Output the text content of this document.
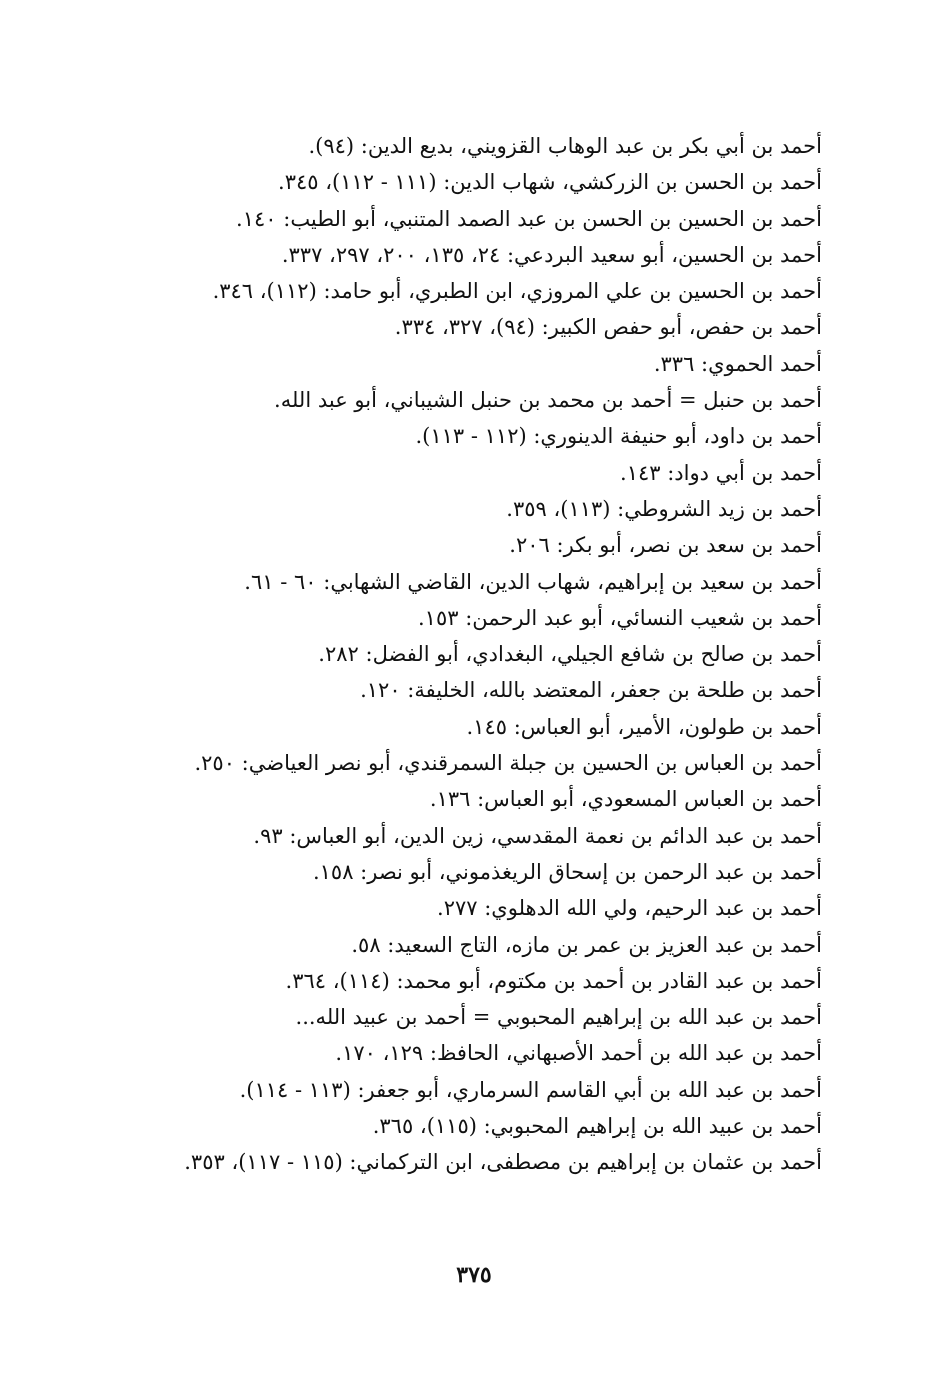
أحمد بن أبي بكر بن عبد الوهاب القزويني، بديع الدين: (٩٤).
أحمد بن الحسن بن الزركشي، شهاب الدين: (١١١ - ١١٢)، ٣٤٥.
أحمد بن الحسين بن الحسن بن عبد الصمد المتنبي، أبو الطيب: ١٤٠.
أحمد بن الحسين، أبو سعيد البردعي: ٢٤، ١٣٥، ٢٠٠، ٢٩٧، ٣٣٧.
أحمد بن الحسين بن علي المروزي، ابن الطبري، أبو حامد: (١١٢)، ٣٤٦.
أحمد بن حفص، أبو حفص الكبير: (٩٤)، ٣٢٧، ٣٣٤.
أحمد الحموي: ٣٣٦.
أحمد بن حنبل = أحمد بن محمد بن حنبل الشيباني، أبو عبد الله.
أحمد بن داود، أبو حنيفة الدينوري: (١١٢ - ١١٣).
أحمد بن أبي دواد: ١٤٣.
أحمد بن زيد الشروطي: (١١٣)، ٣٥٩.
أحمد بن سعد بن نصر، أبو بكر: ٢٠٦.
أحمد بن سعيد بن إبراهيم، شهاب الدين، القاضي الشهابي: ٦٠ - ٦١.
أحمد بن شعيب النسائي، أبو عبد الرحمن: ١٥٣.
أحمد بن صالح بن شافع الجيلي، البغدادي، أبو الفضل: ٢٨٢.
أحمد بن طلحة بن جعفر، المعتضد بالله، الخليفة: ١٢٠.
أحمد بن طولون، الأمير، أبو العباس: ١٤٥.
أحمد بن العباس بن الحسين بن جبلة السمرقندي، أبو نصر العياضي: ٢٥٠.
أحمد بن العباس المسعودي، أبو العباس: ١٣٦.
أحمد بن عبد الدائم بن نعمة المقدسي، زين الدين، أبو العباس: ٩٣.
أحمد بن عبد الرحمن بن إسحاق الريغذموني، أبو نصر: ١٥٨.
أحمد بن عبد الرحيم، ولي الله الدهلوي: ٢٧٧.
أحمد بن عبد العزيز بن عمر بن مازه، التاج السعيد: ٥٨.
أحمد بن عبد القادر بن أحمد بن مكتوم، أبو محمد: (١١٤)، ٣٦٤.
أحمد بن عبد الله بن إبراهيم المحبوبي = أحمد بن عبيد الله...
أحمد بن عبد الله بن أحمد الأصبهاني، الحافظ: ١٢٩، ١٧٠.
أحمد بن عبد الله بن أبي القاسم السرماري، أبو جعفر: (١١٣ - ١١٤).
أحمد بن عبيد الله بن إبراهيم المحبوبي: (١١٥)، ٣٦٥.
أحمد بن عثمان بن إبراهيم بن مصطفى، ابن التركماني: (١١٥ - ١١٧)، ٣٥٣.
٣٧٥
